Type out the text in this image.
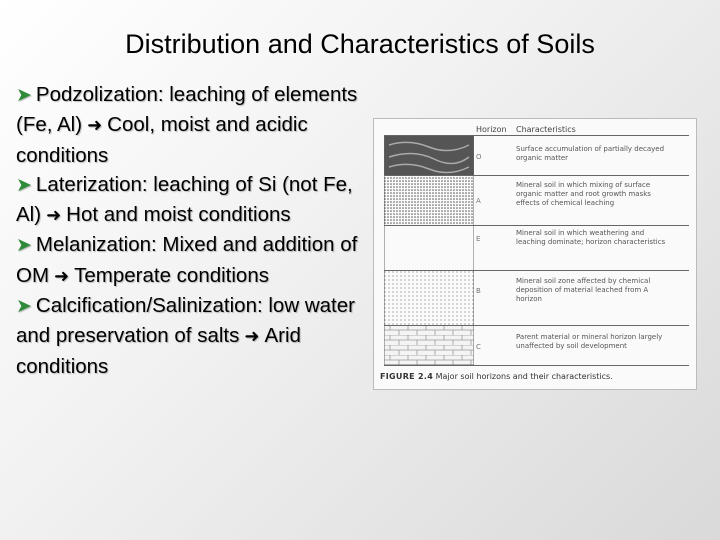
Distribution and Characteristics of Soils

➤ Podzolization: leaching of elements (Fe, Al) ➜ Cool, moist and acidic conditions

➤ Laterization: leaching of Si (not Fe, Al) ➜ Hot and moist conditions

➤ Melanization: Mixed and addition of OM ➜ Temperate conditions

➤ Calcification/Salinization: low water and preservation of salts ➜ Arid conditions

Horizon Characteristics
O
Surface accumulation of partially decayed organic matter
A
Mineral soil in which mixing of surface organic matter and root growth masks effects of chemical leaching
E
Mineral soil in which weathering and leaching dominate; horizon characteristics
B
Mineral soil zone affected by chemical deposition of material leached from A horizon
C
Parent material or mineral horizon largely unaffected by soil development
FIGURE 2.4 Major soil horizons and their characteristics.
